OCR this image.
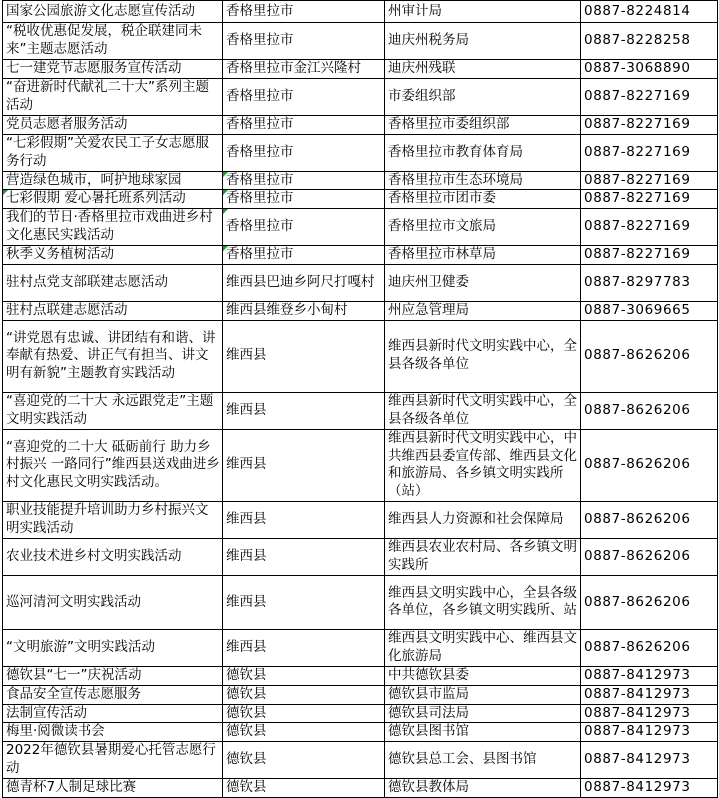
国家公园旅游文化志愿宣传活动	香格里拉市	州审计局	0887-8224814
“税收优惠促发展，税企联建同未来”主题志愿活动	香格里拉市	迪庆州税务局	0887-8228258
七一建党节志愿服务宣传活动	香格里拉市金江兴隆村	迪庆州残联	0887-3068890
“奋进新时代献礼二十大”系列主题活动	香格里拉市	市委组织部	0887-8227169
党员志愿者服务活动	香格里拉市	香格里拉市委组织部	0887-8227169
“七彩假期”关爱农民工子女志愿服务行动	香格里拉市	香格里拉市教育体育局	0887-8227169
营造绿色城市，呵护地球家园	香格里拉市	香格里拉市生态环境局	0887-8227169
七彩假期 爱心暑托班系列活动	香格里拉市	香格里拉市团市委	0887-8227169
我们的节日·香格里拉市戏曲进乡村文化惠民实践活动	香格里拉市	香格里拉市文旅局	0887-8227169
秋季义务植树活动	香格里拉市	香格里拉市林草局	0887-8227169
驻村点党支部联建志愿活动	维西县巴迪乡阿尺打嘎村	迪庆州卫健委	0887-8297783
驻村点联建志愿活动	维西县维登乡小甸村	州应急管理局	0887-3069665
“讲党恩有忠诚、讲团结有和谐、讲奉献有热爱、讲正气有担当、讲文明有新貌”主题教育实践活动	维西县	维西县新时代文明实践中心，全县各级各单位	0887-8626206
“喜迎党的二十大 永远跟党走”主题文明实践活动	维西县	维西县新时代文明实践中心，全县各级各单位	0887-8626206
“喜迎党的二十大 砥砺前行 助力乡村振兴 一路同行”维西县送戏曲进乡村文化惠民文明实践活动。	维西县	维西县新时代文明实践中心，中共维西县委宣传部、维西县文化和旅游局、各乡镇文明实践所（站）	0887-8626206
职业技能提升培训助力乡村振兴文明实践活动	维西县	维西县人力资源和社会保障局	0887-8626206
农业技术进乡村文明实践活动	维西县	维西县农业农村局、各乡镇文明实践所	0887-8626206
巡河清河文明实践活动	维西县	维西县文明实践中心，全县各级各单位，各乡镇文明实践所、站	0887-8626206
“文明旅游”文明实践活动	维西县	维西县文明实践中心、维西县文化旅游局	0887-8626206
德钦县“七一”庆祝活动	德钦县	中共德钦县委	0887-8412973
食品安全宣传志愿服务	德钦县	德钦县市监局	0887-8412973
法制宣传活动	德钦县	德钦县司法局	0887-8412973
梅里·阅微读书会	德钦县	德钦县图书馆	0887-8412973
2022年德钦县暑期爱心托管志愿行动	德钦县	德钦县总工会、县图书馆	0887-8412973
德青杯7人制足球比赛	德钦县	德钦县教体局	0887-8412973
